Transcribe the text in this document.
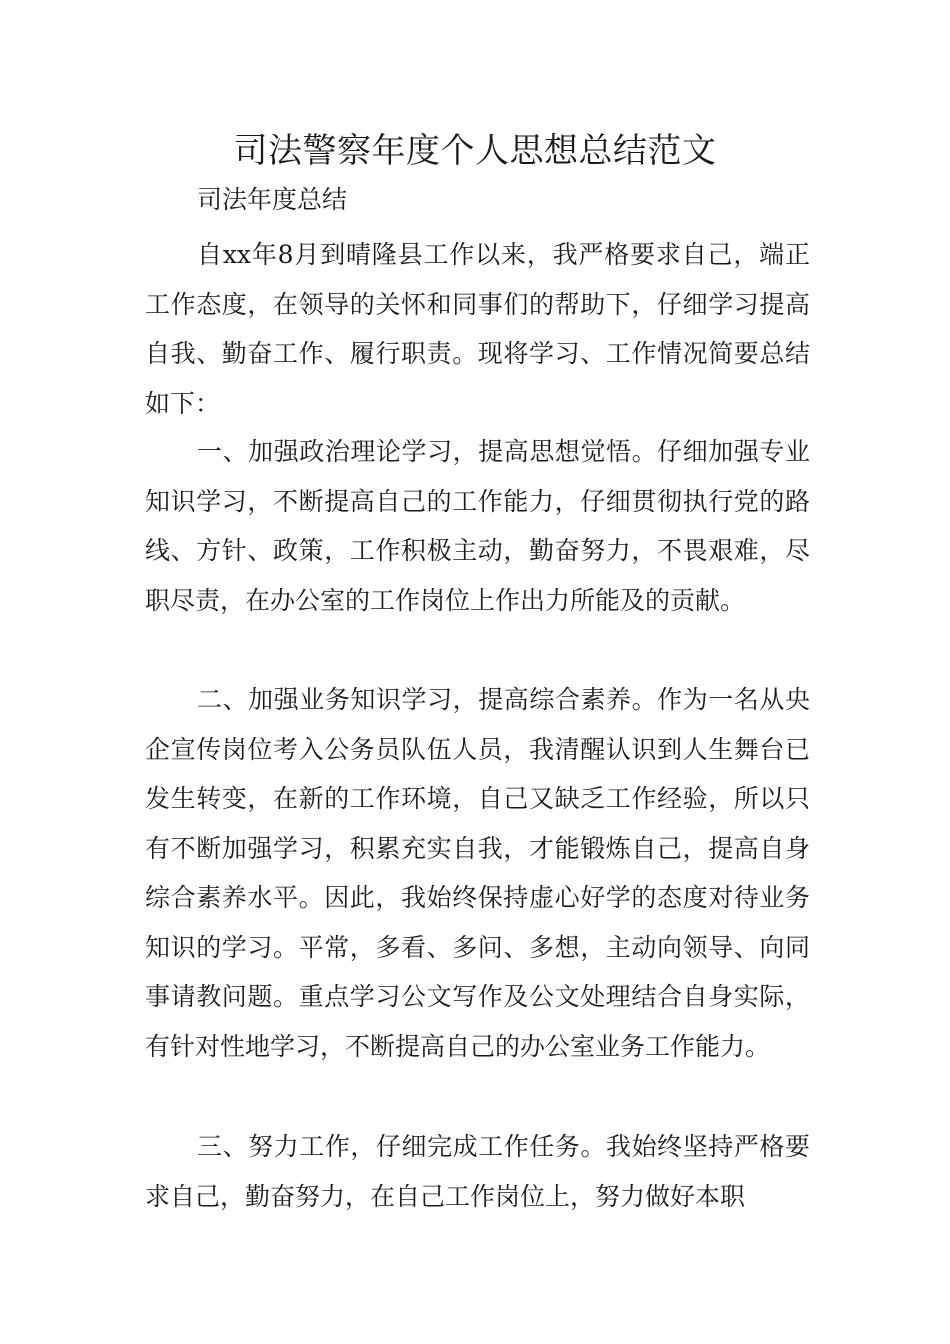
司法警察年度个人思想总结范文
司法年度总结

自xx年8月到晴隆县工作以来，我严格要求自己，端正工作态度，在领导的关怀和同事们的帮助下，仔细学习提高自我、勤奋工作、履行职责。现将学习、工作情况简要总结如下：

一、加强政治理论学习，提高思想觉悟。仔细加强专业知识学习，不断提高自己的工作能力，仔细贯彻执行党的路线、方针、政策，工作积极主动，勤奋努力，不畏艰难，尽职尽责，在办公室的工作岗位上作出力所能及的贡献。

二、加强业务知识学习，提高综合素养。作为一名从央企宣传岗位考入公务员队伍人员，我清醒认识到人生舞台已发生转变，在新的工作环境，自己又缺乏工作经验，所以只有不断加强学习，积累充实自我，才能锻炼自己，提高自身综合素养水平。因此，我始终保持虚心好学的态度对待业务知识的学习。平常，多看、多问、多想，主动向领导、向同事请教问题。重点学习公文写作及公文处理结合自身实际，有针对性地学习，不断提高自己的办公室业务工作能力。

三、努力工作，仔细完成工作任务。我始终坚持严格要求自己，勤奋努力，在自己工作岗位上，努力做好本职
